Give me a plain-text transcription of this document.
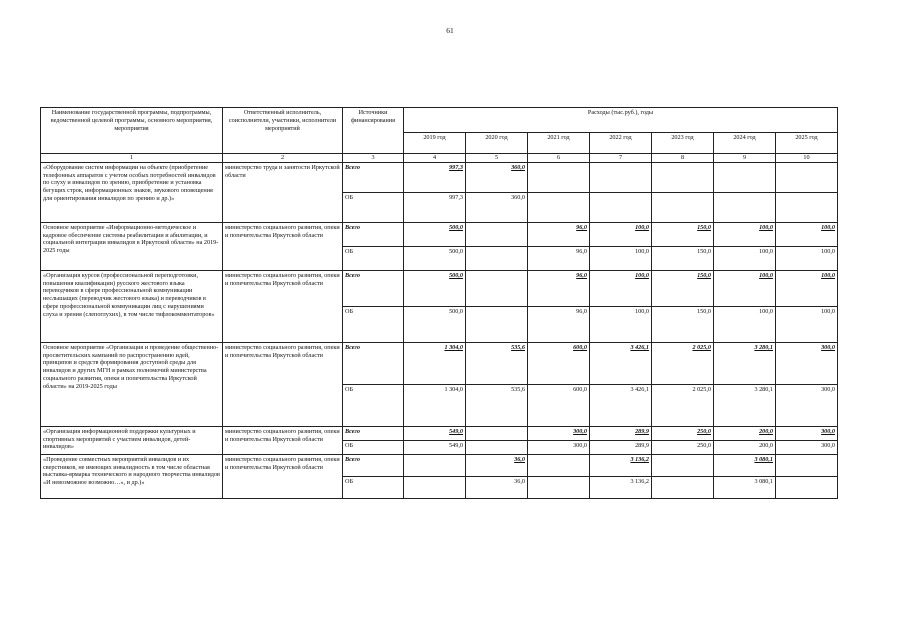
61
Наименование государственной программы, подпрограммы, ведомственной целевой программы, основного мероприятия, мероприятия	Ответственный исполнитель, соисполнители, участники, исполнители мероприятий	Источники финансирования	Расходы (тыс.руб.), годы						
			2019 год	2020 год	2021 год	2022 год	2023 год	2024 год	2025 год
1	2	3	4	5	6	7	8	9	10
«Оборудование систем информации на объекте (приобретение телефонных аппаратов с учетом особых потребностей инвалидов по слуху и инвалидов по зрению, приобретение и установка бегущих строк, информационных знаков, звукового оповещения для ориентирования инвалидов по зрению и др.)»	министерство труда и занятости Иркутской области	Всего	997,3	360,0					
		ОБ	997,3	360,0					
Основное мероприятие «Информационно-методическое и кадровое обеспечение системы реабилитации и абилитации, и социальной интеграции инвалидов в Иркутской области» на 2019-2025 годы	министерство социального развития, опеки и попечительства Иркутской области	Всего	500,0		96,0	100,0	150,0	100,0	100,0
		ОБ	500,0		96,0	100,0	150,0	100,0	100,0
«Организация курсов (профессиональной переподготовки, повышения квалификации) русского жестового языка переводчиков в сфере профессиональной коммуникации неслышащих (переводчик жестового языка) и переводчиков в сфере профессиональной коммуникации лиц с нарушениями слуха и зрения (слепоглухих), в том числе тифлокомментаторов»	министерство социального развития, опеки и попечительства Иркутской области	Всего	500,0		96,0	100,0	150,0	100,0	100,0
		ОБ	500,0		96,0	100,0	150,0	100,0	100,0
Основное мероприятие «Организация и проведение общественно-просветительских кампаний по распространению идей, принципов и средств формирования доступной среды для инвалидов и других МГН в рамках полномочий министерства социального развития, опеки и попечительства Иркутской области» на 2019-2025 годы	министерство социального развития, опеки и попечительства Иркутской области	Всего	1 304,0	535,6	600,0	3 426,1	2 025,0	3 280,1	300,0
		ОБ	1 304,0	535,6	600,0	3 426,1	2 025,0	3 280,1	300,0
«Организация информационной поддержки культурных и спортивных мероприятий с участием инвалидов, детей-инвалидов»	министерство социального развития, опеки и попечительства Иркутской области	Всего	549,0		300,0	289,9	250,0	200,0	300,0
		ОБ	549,0		300,0	289,9	250,0	200,0	300,0
«Проведение совместных мероприятий инвалидов и их сверстников, не имеющих инвалидность в том числе областная выставка-ярмарка технического и народного творчества инвалидов «И невозможное возможно…», и др.)»	министерство социального развития, опеки и попечительства Иркутской области	Всего		36,0		3 136,2		3 080,1	
		ОБ		36,0		3 136,2		3 080,1	
